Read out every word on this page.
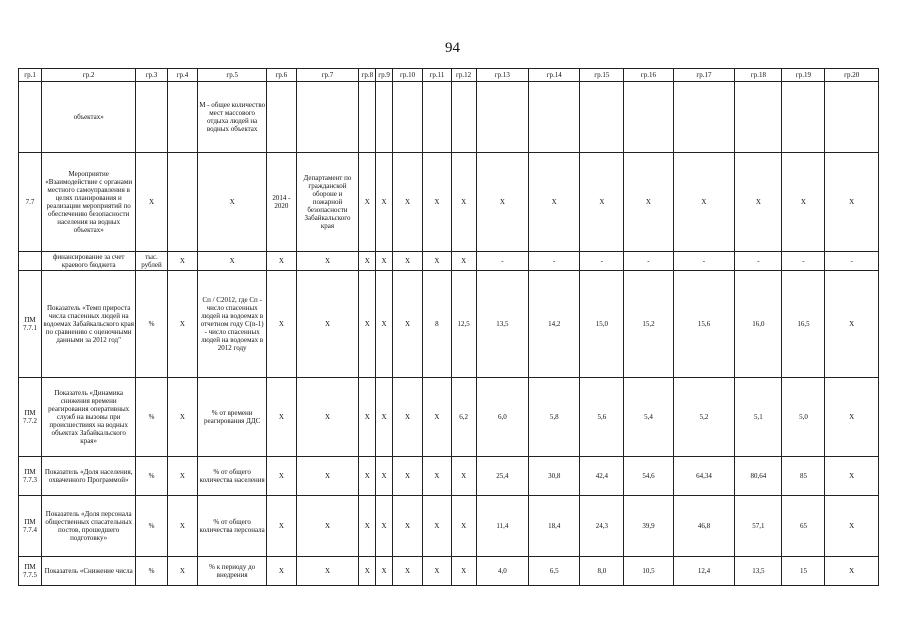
94
гр.1	гр.2	гр.3	гр.4	гр.5	гр.6	гр.7	гр.8	гр.9	гр.10	гр.11	гр.12	гр.13	гр.14	гр.15	гр.16	гр.17	гр.18	гр.19	гр.20
	объектах»			M - общее количество мест массового отдыха людей на водных объектах															
7.7	Мероприятие «Взаимодействие с органами местного самоуправления в целях планирования и реализации мероприятий по обеспечению безопасности населения на водных объектах»	X		X	2014 - 2020	Департамент по гражданской обороне и пожарной безопасности Забайкальского края	X	X	X	X	X	X	X	X	X	X	X	X	X
	финансирование за счет краевого бюджета	тыс. рублей	X	X	X	X	X	X	X	X	X	-	-	-	-	-	-	-	-
ПМ 7.7.1	Показатель «Темп прироста числа спасенных людей на водоемах Забайкальского края по сравнению с оценочными данными за 2012 год"	%	X	Cп / C2012, где Cп - число спасенных людей на водоемах в отчетном году C(n-1) - число спасенных людей на водоемах в 2012 году	X	X	X	X	X	8	12,5	13,5	14,2	15,0	15,2	15,6	16,0	16,5	X
ПМ 7.7.2	Показатель «Динамика снижения времени реагирования оперативных служб на вызовы при происшествиях на водных объектах Забайкальского края»	%	X	% от времени реагирования ДДС	X	X	X	X	X	X	6,2	6,0	5,8	5,6	5,4	5,2	5,1	5,0	X
ПМ 7.7.3	Показатель «Доля населения, охваченного Программой»	%	X	% от общего количества населения	X	X	X	X	X	X	X	25,4	30,8	42,4	54,6	64,34	80,64	85	X
ПМ 7.7.4	Показатель «Доля персонала общественных спасательных постов, прошедшего подготовку»	%	X	% от общего количества персонала	X	X	X	X	X	X	X	11,4	18,4	24,3	39,9	46,8	57,1	65	X
ПМ 7.7.5	Показатель «Снижение числа	%	X	% к периоду до внедрения	X	X	X	X	X	X	X	4,0	6,5	8,0	10,5	12,4	13,5	15	X
